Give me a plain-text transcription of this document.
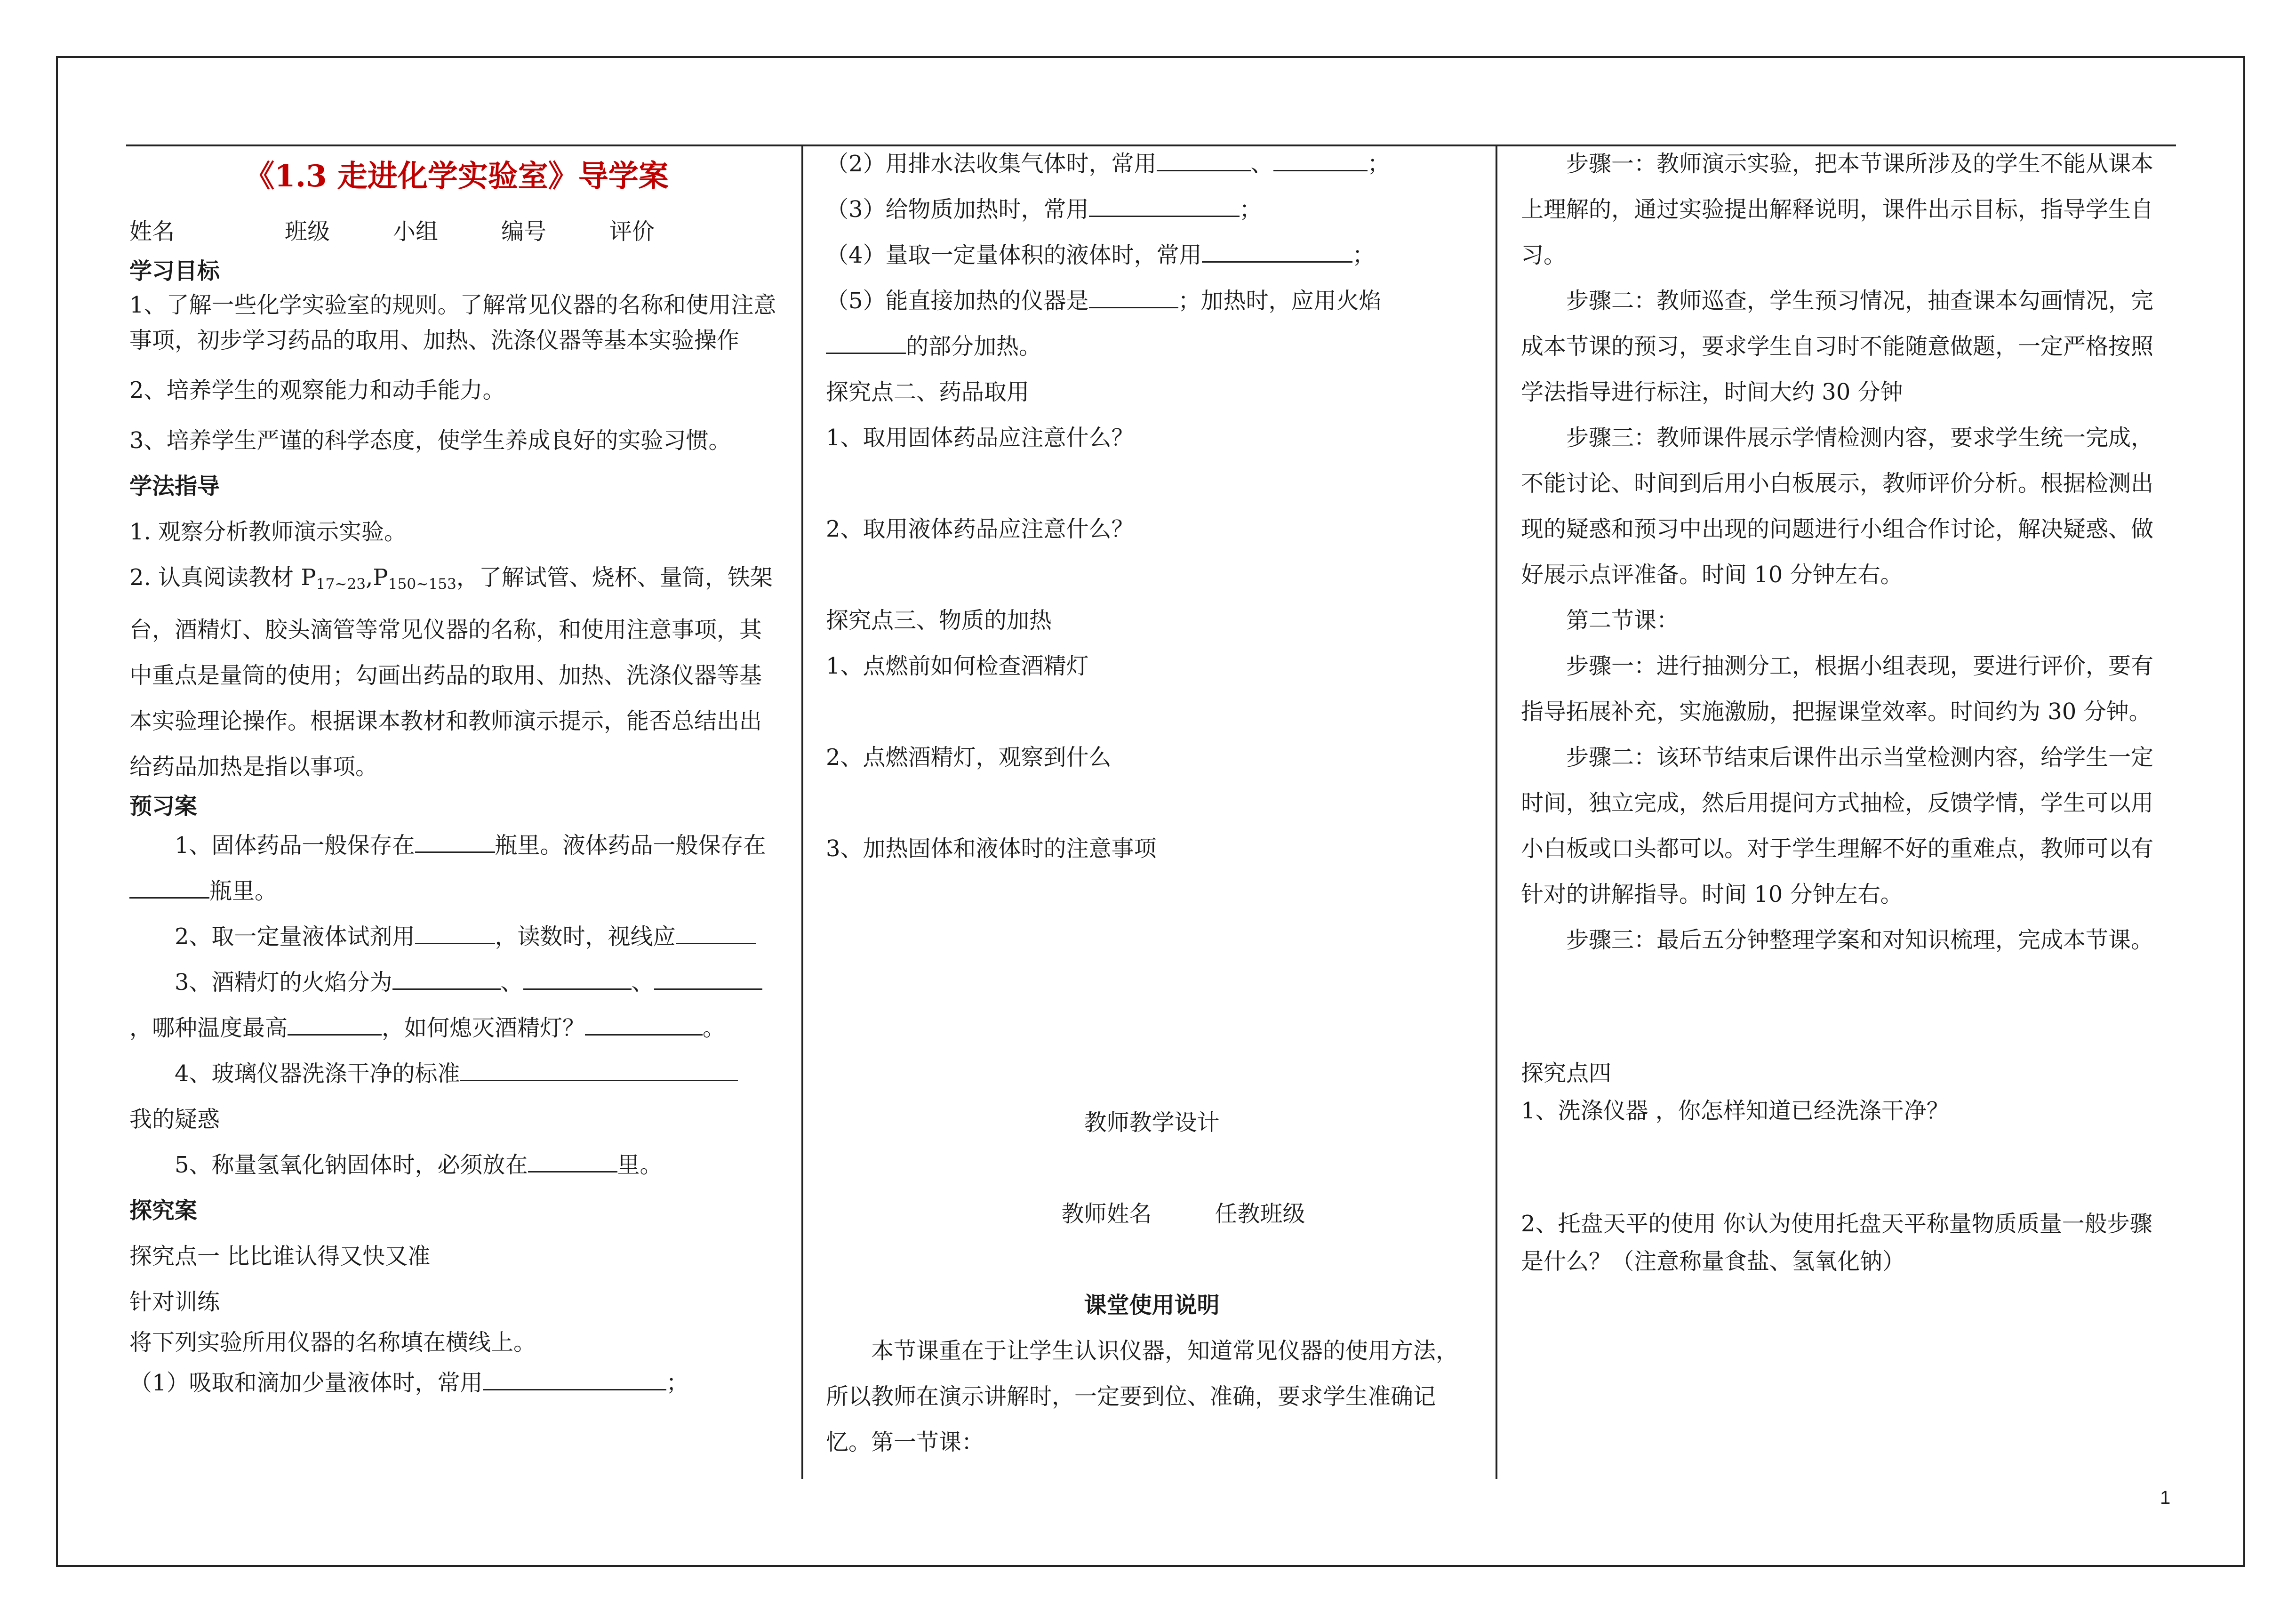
《1.3 走进化学实验室》导学案

姓名	班级	小组	编号	评价

学习目标

1、了解一些化学实验室的规则。了解常见仪器的名称和使用注意事项，初步学习药品的取用、加热、洗涤仪器等基本实验操作

2、培养学生的观察能力和动手能力。

3、培养学生严谨的科学态度，使学生养成良好的实验习惯。

学法指导

1. 观察分析教师演示实验。

2. 认真阅读教材 $P_{17\sim 23},P_{150\sim 153}$，了解试管、烧杯、量筒，铁架台，酒精灯、胶头滴管等常见仪器的名称，和使用注意事项，其中重点是量筒的使用；勾画出药品的取用、加热、洗涤仪器等基本实验理论操作。根据课本教材和教师演示提示，能否总结出出给药品加热是指以事项。

预习案

1、固体药品一般保存在	瓶里。液体药品一般保存在瓶里。

2、取一定量液体试剂用	，读数时，视线应

3、酒精灯的火焰分为	、	、，哪种温度最高	，如何熄灭酒精灯？	。

4、玻璃仪器洗涤干净的标准

我的疑惑

5、称量氢氧化钠固体时，必须放在	里。

探究案

探究点一 比比谁认得又快又准

针对训练

将下列实验所用仪器的名称填在横线上。

（1）吸取和滴加少量液体时，常用	；

（2）用排水法收集气体时，常用	、	；

（3）给物质加热时，常用	；

（4）量取一定量体积的液体时，常用	；

（5）能直接加热的仪器是	；加热时，应用火焰

的部分加热。

探究点二、药品取用

1、取用固体药品应注意什么？

2、取用液体药品应注意什么？

探究点三、物质的加热

1、点燃前如何检查酒精灯

2、点燃酒精灯，观察到什么

3、加热固体和液体时的注意事项

教师教学设计

教师姓名	任教班级

课堂使用说明

本节课重在于让学生认识仪器，知道常见仪器的使用方法，所以教师在演示讲解时，一定要到位、准确，要求学生准确记忆。第一节课：

步骤一：教师演示实验，把本节课所涉及的学生不能从课本上理解的，通过实验提出解释说明，课件出示目标，指导学生自习。

步骤二：教师巡查，学生预习情况，抽查课本勾画情况，完成本节课的预习，要求学生自习时不能随意做题，一定严格按照学法指导进行标注，时间大约 30 分钟

步骤三：教师课件展示学情检测内容，要求学生统一完成，不能讨论、时间到后用小白板展示，教师评价分析。根据检测出现的疑惑和预习中出现的问题进行小组合作讨论，解决疑惑、做好展示点评准备。时间 10 分钟左右。

第二节课：

步骤一：进行抽测分工，根据小组表现，要进行评价，要有指导拓展补充，实施激励，把握课堂效率。时间约为 30 分钟。

步骤二：该环节结束后课件出示当堂检测内容，给学生一定时间，独立完成，然后用提问方式抽检，反馈学情，学生可以用小白板或口头都可以。对于学生理解不好的重难点，教师可以有针对的讲解指导。时间 10 分钟左右。

步骤三：最后五分钟整理学案和对知识梳理，完成本节课。

探究点四

1、洗涤仪器 ，你怎样知道已经洗涤干净？

2、托盘天平的使用 你认为使用托盘天平称量物质质量一般步骤是什么？（注意称量食盐、氢氧化钠）

1
